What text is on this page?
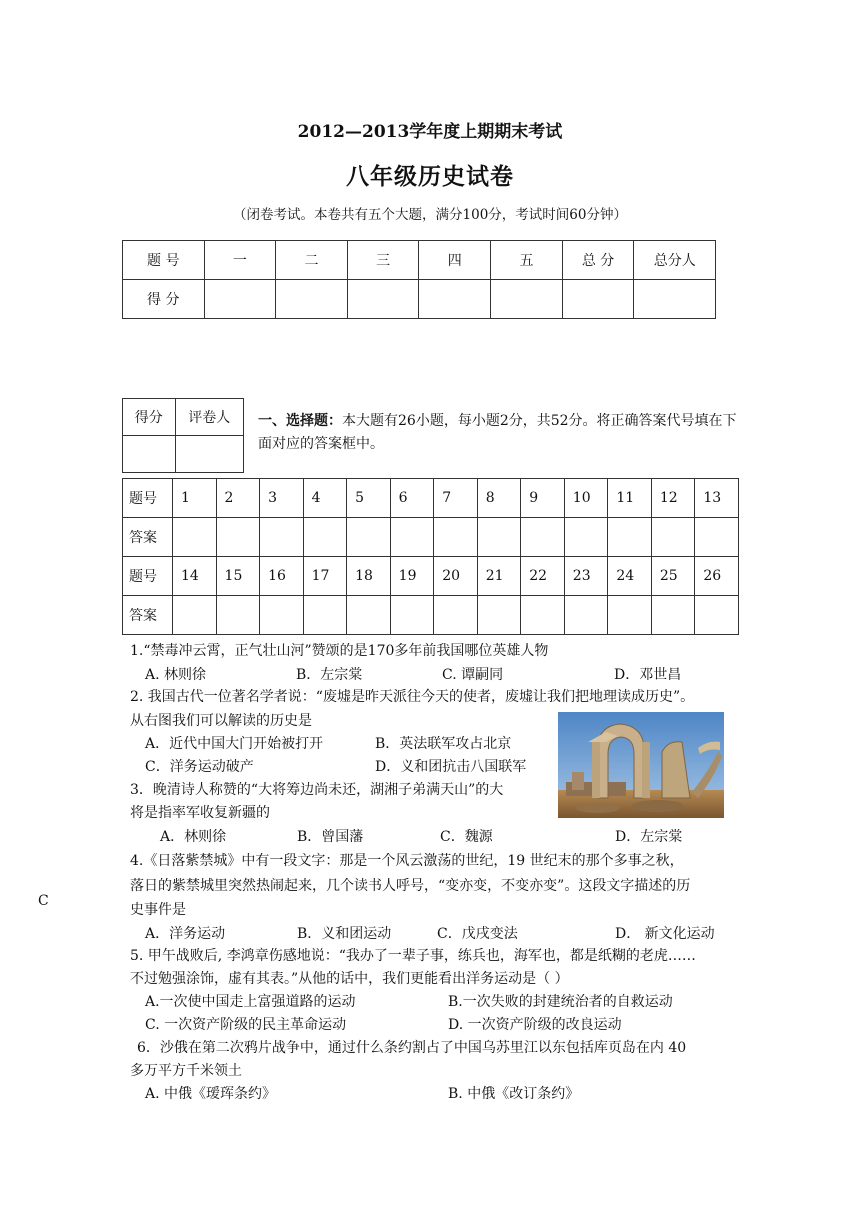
2012—2013学年度上期期末考试
八年级历史试卷
（闭卷考试。本卷共有五个大题，满分100分，考试时间60分钟）
题 号	一	二	三	四	五	总 分	总分人
得 分							
得分	评卷人
	一、选择题：本大题有26小题，每小题2分，共52分。将正确答案代号填在下面对应的答案框中。
题号	1	2	3	4	5	6	7	8	9	10	11	12	13
答案													
题号	14	15	16	17	18	19	20	21	22	23	24	25	26
答案													
C
1.“禁毒冲云霄，正气壮山河”赞颂的是170多年前我国哪位英雄人物
A. 林则徐	B．左宗棠	C. 谭嗣同	D．邓世昌
2. 我国古代一位著名学者说：“废墟是昨天派往今天的使者，废墟让我们把地理读成历史”。
从右图我们可以解读的历史是
A．近代中国大门开始被打开	B．英法联军攻占北京
C．洋务运动破产	D．义和团抗击八国联军
3．晚清诗人称赞的“大将筹边尚未还，湖湘子弟满天山”的大
将是指率军收复新疆的
A．林则徐	B．曾国藩	C．魏源	D．左宗棠
4.《日落紫禁城》中有一段文字：那是一个风云激荡的世纪，19 世纪末的那个多事之秋，
落日的紫禁城里突然热闹起来，几个读书人呼号，“变亦变，不变亦变”。这段文字描述的历
史事件是
A．洋务运动	B．义和团运动	C．戊戌变法	D． 新文化运动
5. 甲午战败后, 李鸿章伤感地说：“我办了一辈子事，练兵也，海军也，都是纸糊的老虎……
不过勉强涂饰，虚有其表。”从他的话中，我们更能看出洋务运动是（ ）
A.一次使中国走上富强道路的运动	B.一次失败的封建统治者的自救运动
C. 一次资产阶级的民主革命运动	D. 一次资产阶级的改良运动
6．沙俄在第二次鸦片战争中，通过什么条约割占了中国乌苏里江以东包括库页岛在内 40
多万平方千米领土
A. 中俄《瑷珲条约》	B. 中俄《改订条约》
